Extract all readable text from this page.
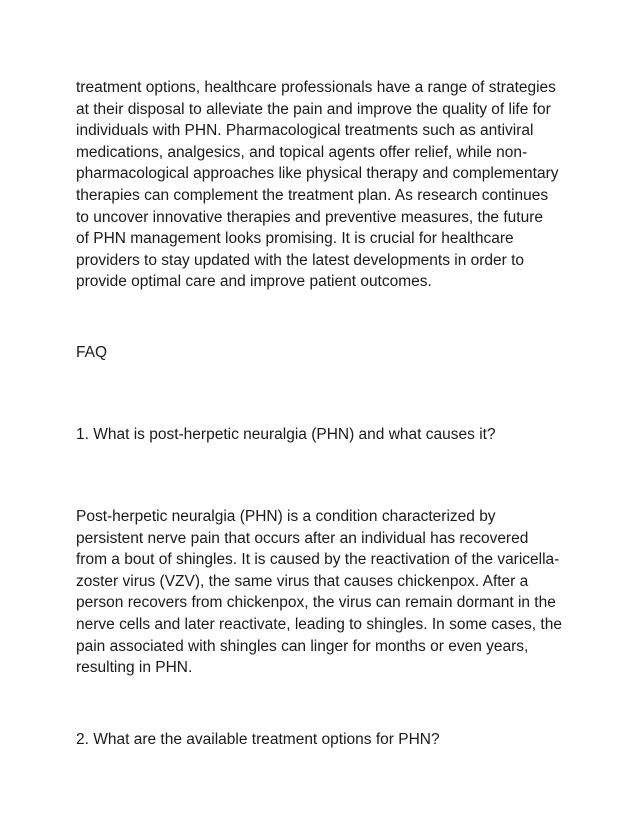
treatment options, healthcare professionals have a range of strategies
at their disposal to alleviate the pain and improve the quality of life for
individuals with PHN. Pharmacological treatments such as antiviral
medications, analgesics, and topical agents offer relief, while non-
pharmacological approaches like physical therapy and complementary
therapies can complement the treatment plan. As research continues
to uncover innovative therapies and preventive measures, the future
of PHN management looks promising. It is crucial for healthcare
providers to stay updated with the latest developments in order to
provide optimal care and improve patient outcomes.
FAQ
1. What is post-herpetic neuralgia (PHN) and what causes it?
Post-herpetic neuralgia (PHN) is a condition characterized by
persistent nerve pain that occurs after an individual has recovered
from a bout of shingles. It is caused by the reactivation of the varicella-
zoster virus (VZV), the same virus that causes chickenpox. After a
person recovers from chickenpox, the virus can remain dormant in the
nerve cells and later reactivate, leading to shingles. In some cases, the
pain associated with shingles can linger for months or even years,
resulting in PHN.
2. What are the available treatment options for PHN?
